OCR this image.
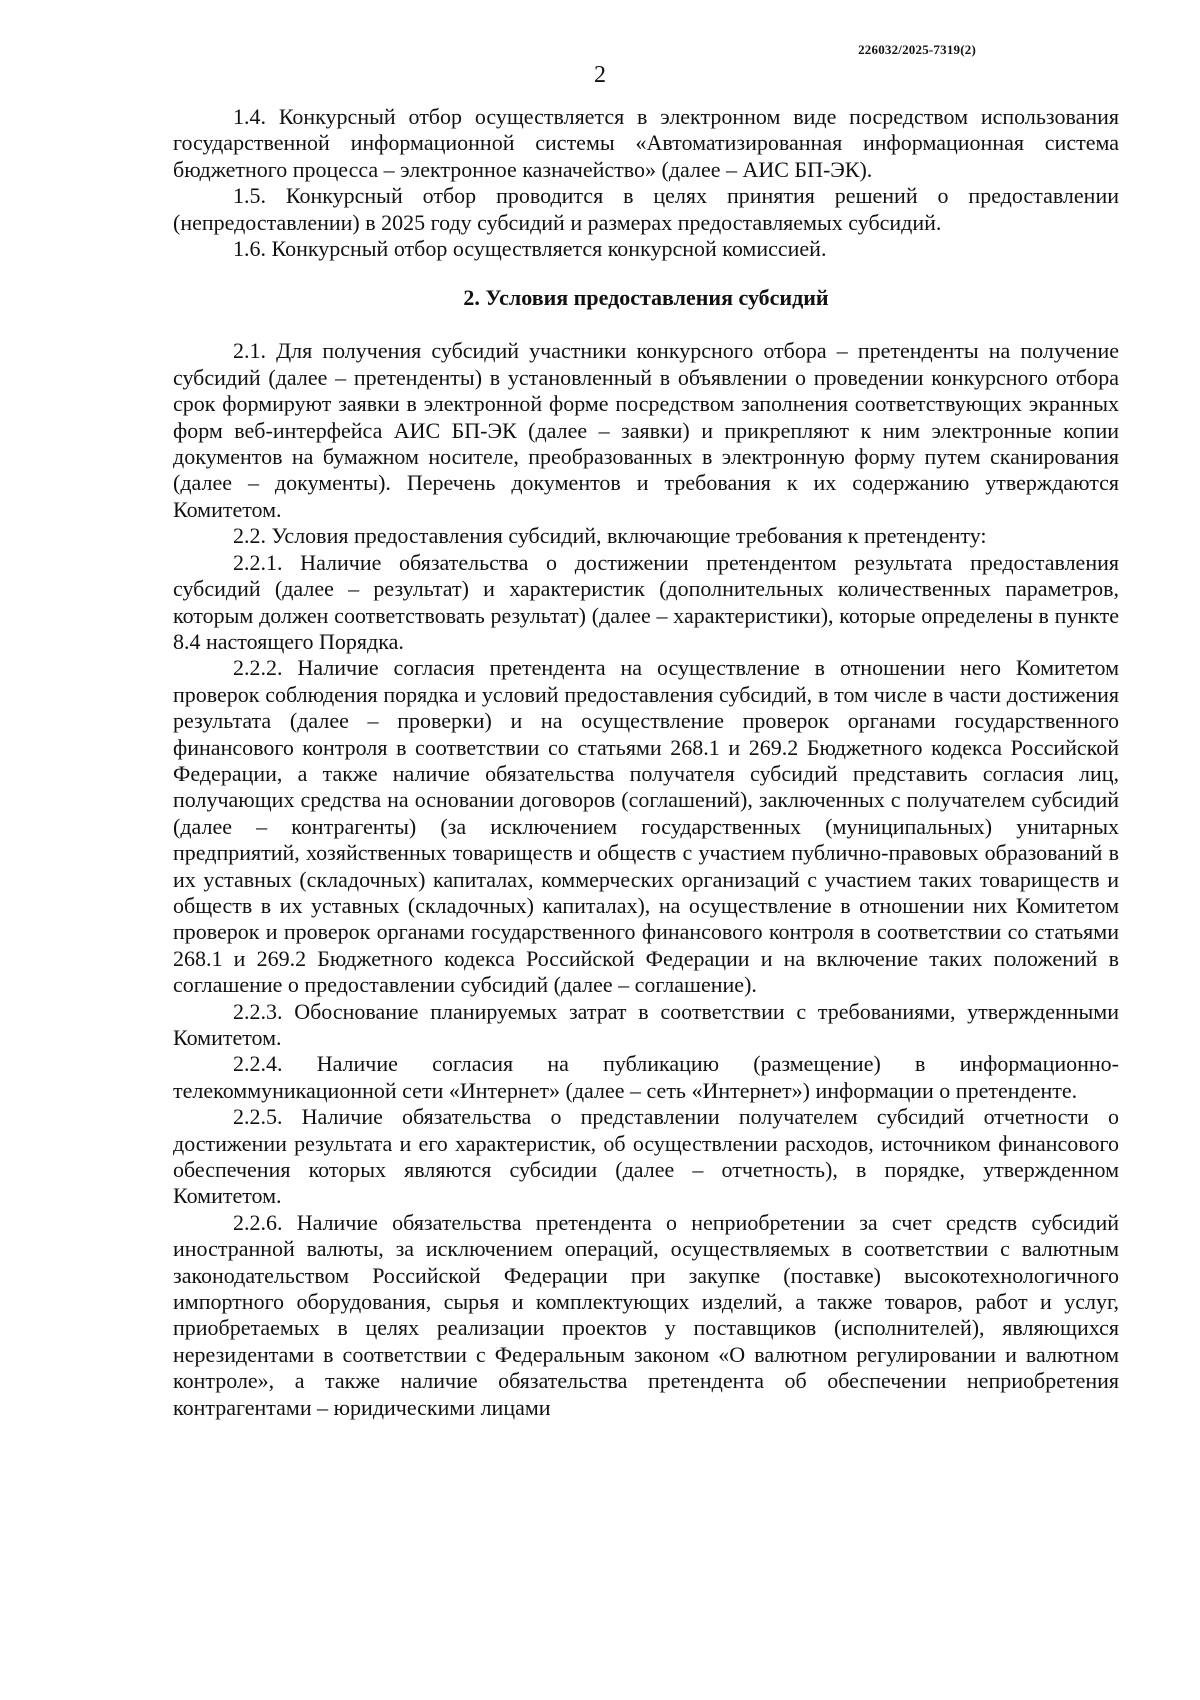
226032/2025-7319(2)
2

1.4. Конкурсный отбор осуществляется в электронном виде посредством использования государственной информационной системы «Автоматизированная информационная система бюджетного процесса – электронное казначейство» (далее – АИС БП-ЭК).

1.5. Конкурсный отбор проводится в целях принятия решений о предоставлении (непредоставлении) в 2025 году субсидий и размерах предоставляемых субсидий.

1.6. Конкурсный отбор осуществляется конкурсной комиссией.

2. Условия предоставления субсидий

2.1. Для получения субсидий участники конкурсного отбора – претенденты на получение субсидий (далее – претенденты) в установленный в объявлении о проведении конкурсного отбора срок формируют заявки в электронной форме посредством заполнения соответствующих экранных форм веб-интерфейса АИС БП-ЭК (далее – заявки) и прикрепляют к ним электронные копии документов на бумажном носителе, преобразованных в электронную форму путем сканирования (далее – документы). Перечень документов и требования к их содержанию утверждаются Комитетом.

2.2. Условия предоставления субсидий, включающие требования к претенденту:

2.2.1. Наличие обязательства о достижении претендентом результата предоставления субсидий (далее – результат) и характеристик (дополнительных количественных параметров, которым должен соответствовать результат) (далее – характеристики), которые определены в пункте 8.4 настоящего Порядка.

2.2.2. Наличие согласия претендента на осуществление в отношении него Комитетом проверок соблюдения порядка и условий предоставления субсидий, в том числе в части достижения результата (далее – проверки) и на осуществление проверок органами государственного финансового контроля в соответствии со статьями 268.1 и 269.2 Бюджетного кодекса Российской Федерации, а также наличие обязательства получателя субсидий представить согласия лиц, получающих средства на основании договоров (соглашений), заключенных с получателем субсидий (далее – контрагенты) (за исключением государственных (муниципальных) унитарных предприятий, хозяйственных товариществ и обществ с участием публично-правовых образований в их уставных (складочных) капиталах, коммерческих организаций с участием таких товариществ и обществ в их уставных (складочных) капиталах), на осуществление в отношении них Комитетом проверок и проверок органами государственного финансового контроля в соответствии со статьями 268.1 и 269.2 Бюджетного кодекса Российской Федерации и на включение таких положений в соглашение о предоставлении субсидий (далее – соглашение).

2.2.3. Обоснование планируемых затрат в соответствии с требованиями, утвержденными Комитетом.

2.2.4. Наличие согласия на публикацию (размещение) в информационно-телекоммуникационной сети «Интернет» (далее – сеть «Интернет») информации о претенденте.

2.2.5. Наличие обязательства о представлении получателем субсидий отчетности о достижении результата и его характеристик, об осуществлении расходов, источником финансового обеспечения которых являются субсидии (далее – отчетность), в порядке, утвержденном Комитетом.

2.2.6. Наличие обязательства претендента о неприобретении за счет средств субсидий иностранной валюты, за исключением операций, осуществляемых в соответствии с валютным законодательством Российской Федерации при закупке (поставке) высокотехнологичного импортного оборудования, сырья и комплектующих изделий, а также товаров, работ и услуг, приобретаемых в целях реализации проектов у поставщиков (исполнителей), являющихся нерезидентами в соответствии с Федеральным законом «О валютном регулировании и валютном контроле», а также наличие обязательства претендента об обеспечении неприобретения контрагентами – юридическими лицами
